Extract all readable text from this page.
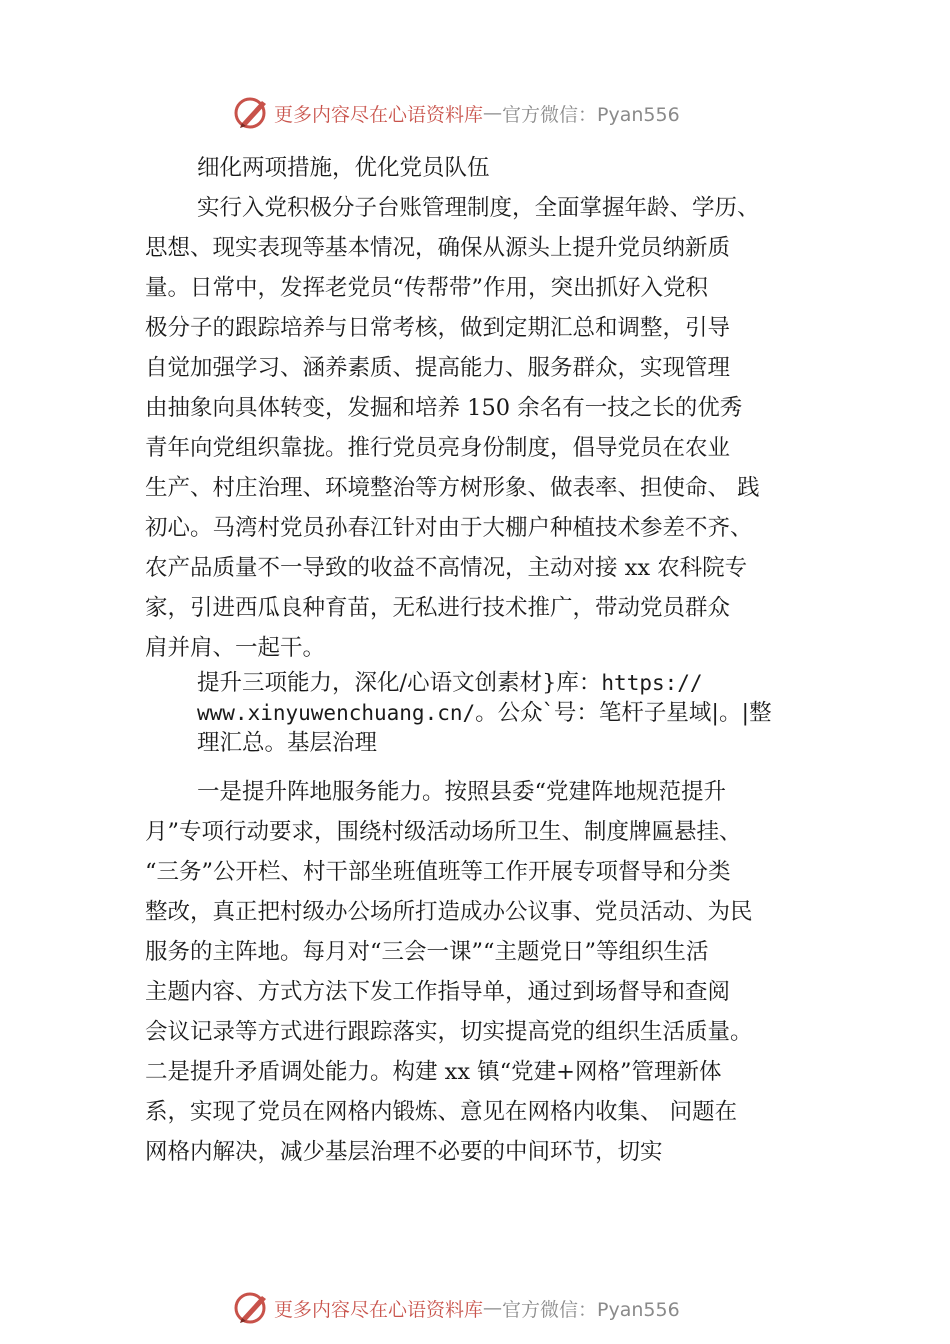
更多内容尽在心语资料库 — 官方微信：Pyan556

细化两项措施，优化党员队伍

实行入党积极分子台账管理制度，全面掌握年龄、学历、

思想、现实表现等基本情况，确保从源头上提升党员纳新质

量。日常中，发挥老党员“传帮带”作用，突出抓好入党积

极分子的跟踪培养与日常考核，做到定期汇总和调整，引导

自觉加强学习、涵养素质、提高能力、服务群众，实现管理

由抽象向具体转变，发掘和培养 150 余名有一技之长的优秀

青年向党组织靠拢。推行党员亮身份制度，倡导党员在农业

生产、村庄治理、环境整治等方树形象、做表率、担使命、 践

初心。马湾村党员孙春江针对由于大棚户种植技术参差不齐、

农产品质量不一导致的收益不高情况，主动对接 xx 农科院专

家，引进西瓜良种育苗，无私进行技术推广，带动党员群众

肩并肩、一起干。

提升三项能力，深化/心语文创素材}库：https://
www.xinyuwenchuang.cn/。公众`号：笔杆子星域|。|整
理汇总。基层治理

一是提升阵地服务能力。按照县委“党建阵地规范提升

月”专项行动要求，围绕村级活动场所卫生、制度牌匾悬挂、

“三务”公开栏、村干部坐班值班等工作开展专项督导和分类

整改，真正把村级办公场所打造成办公议事、党员活动、为民

服务的主阵地。每月对“三会一课”“主题党日”等组织生活

主题内容、方式方法下发工作指导单，通过到场督导和查阅

会议记录等方式进行跟踪落实，切实提高党的组织生活质量。

二是提升矛盾调处能力。构建 xx 镇“党建+网格”管理新体

系，实现了党员在网格内锻炼、意见在网格内收集、 问题在

网格内解决，减少基层治理不必要的中间环节，切实

更多内容尽在心语资料库 — 官方微信：Pyan556
